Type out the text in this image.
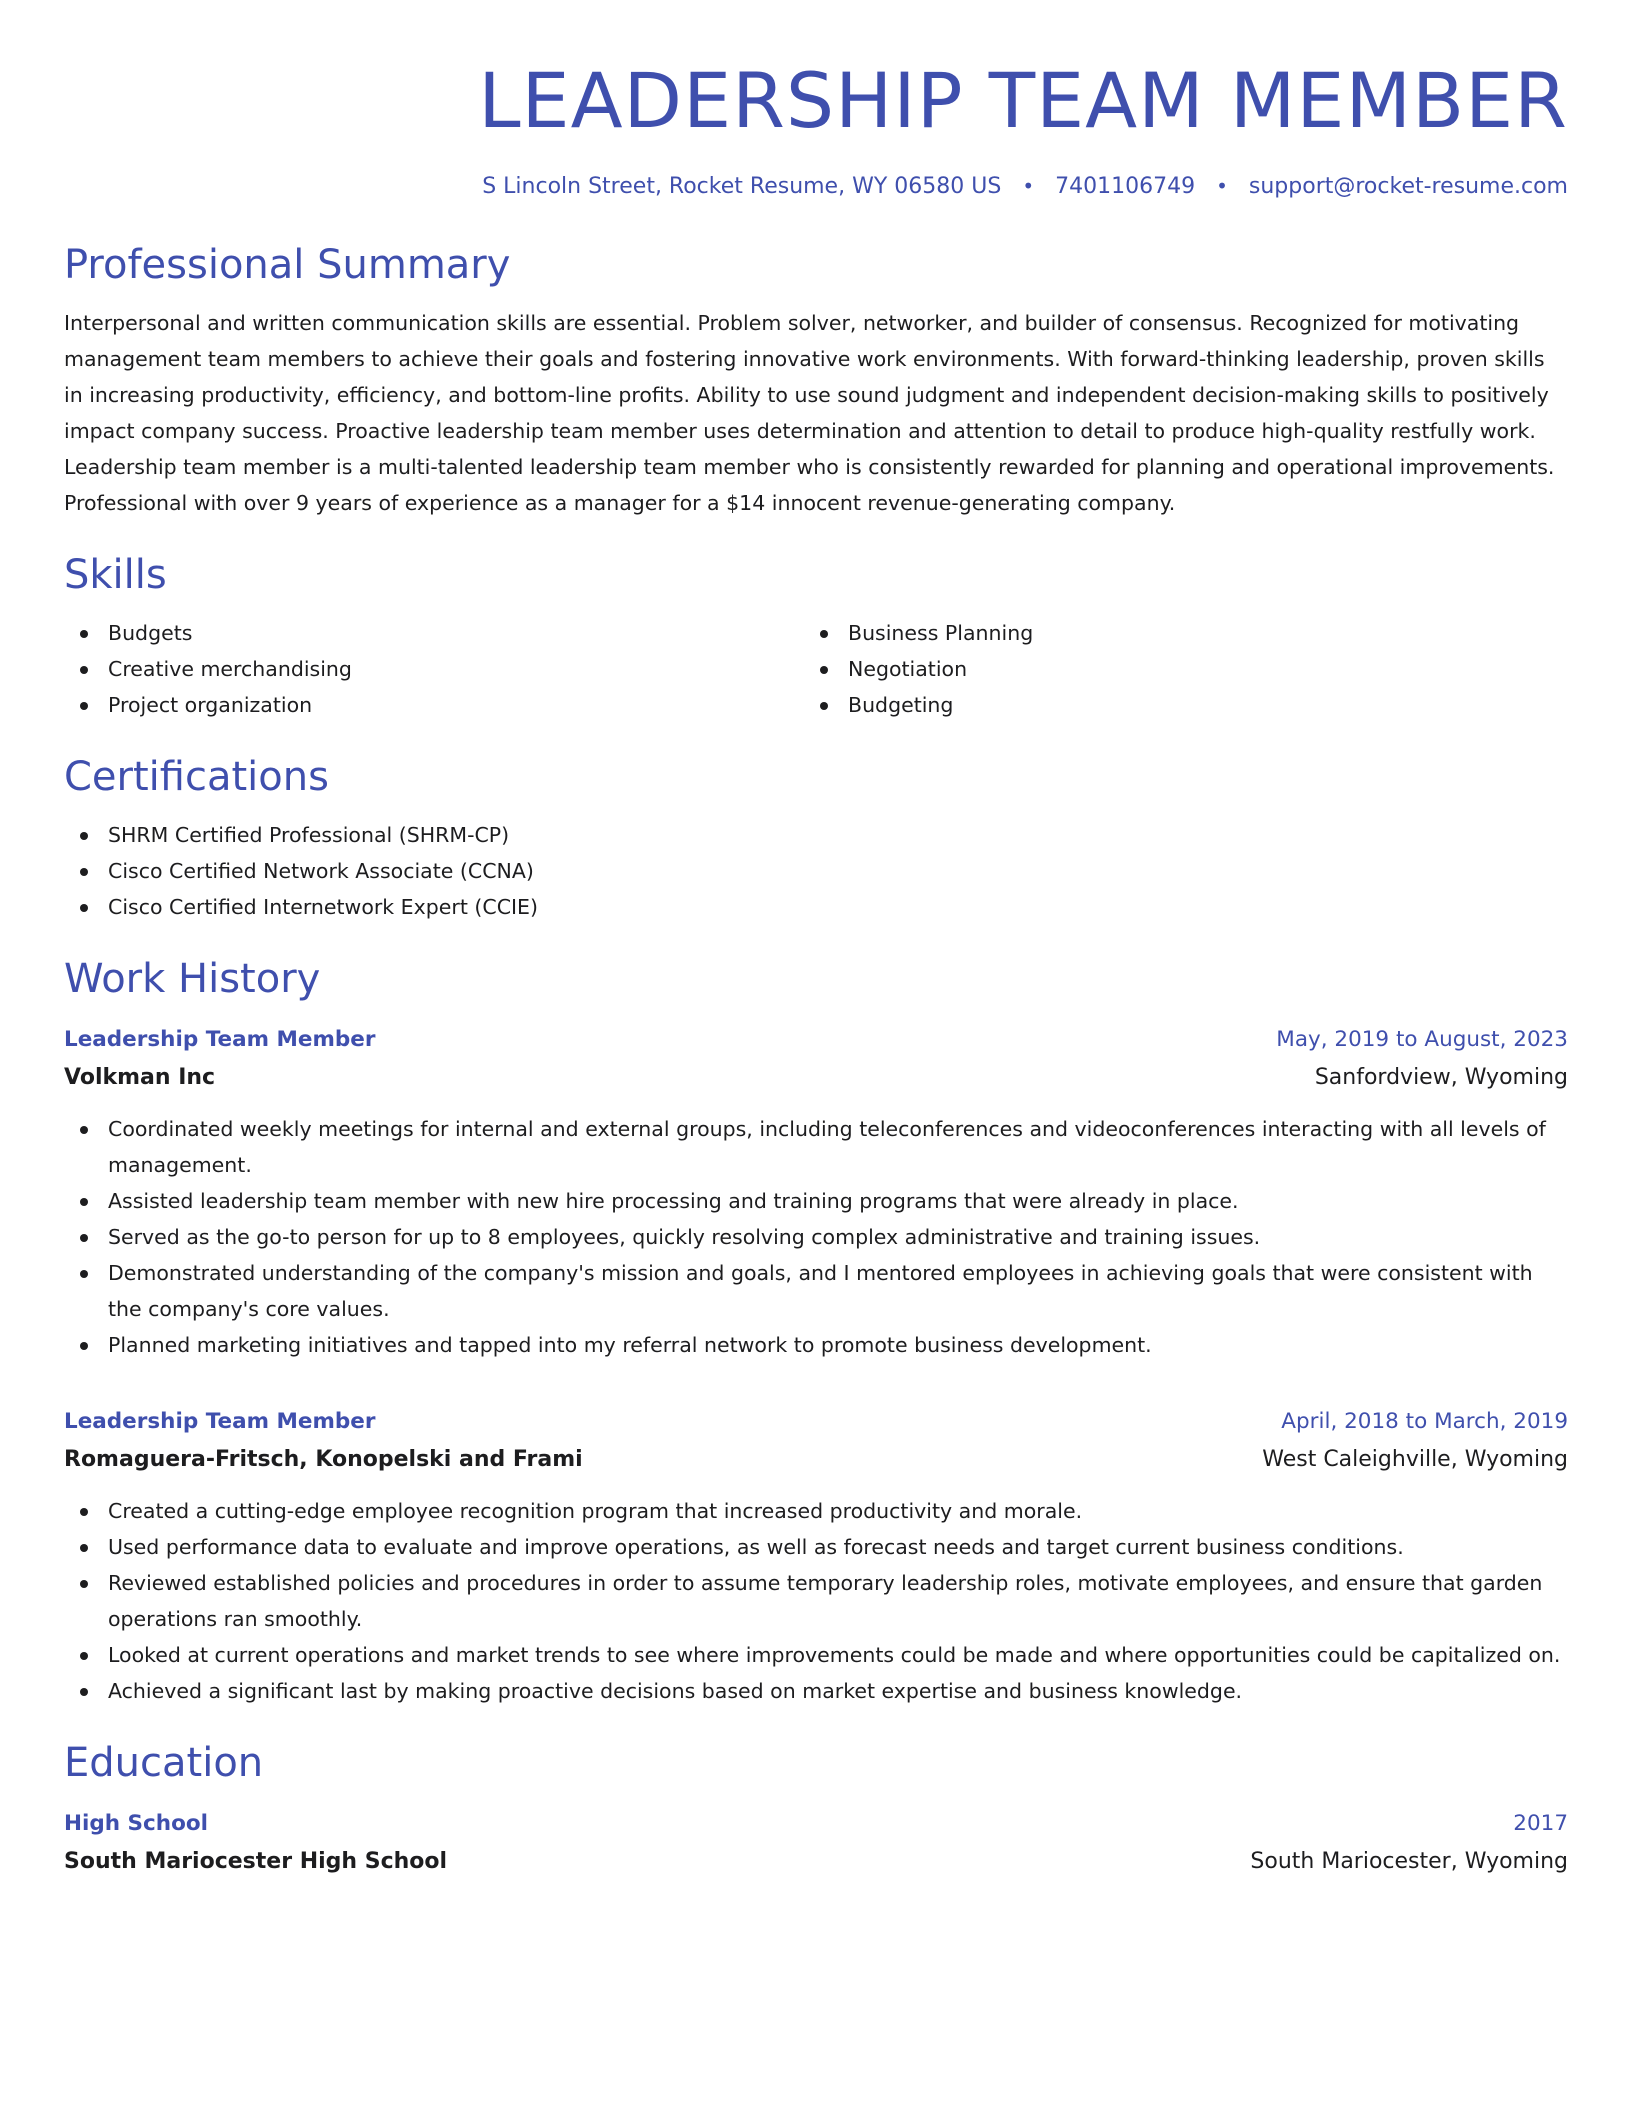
LEADERSHIP TEAM MEMBER
S Lincoln Street, Rocket Resume, WY 06580 US • 7401106749 • support@rocket-resume.com
Professional Summary

Interpersonal and written communication skills are essential. Problem solver, networker, and builder of consensus. Recognized for motivating management team members to achieve their goals and fostering innovative work environments. With forward-thinking leadership, proven skills in increasing productivity, efficiency, and bottom-line profits. Ability to use sound judgment and independent decision-making skills to positively impact company success. Proactive leadership team member uses determination and attention to detail to produce high-quality restfully work. Leadership team member is a multi-talented leadership team member who is consistently rewarded for planning and operational improvements. Professional with over 9 years of experience as a manager for a $14 innocent revenue-generating company.

Skills
Budgets
Creative merchandising
Project organization
Business Planning
Negotiation
Budgeting
Certifications
SHRM Certified Professional (SHRM-CP)
Cisco Certified Network Associate (CCNA)
Cisco Certified Internetwork Expert (CCIE)
Work History
Leadership Team Member	May, 2019 to August, 2023
Volkman Inc	Sanfordview, Wyoming
Coordinated weekly meetings for internal and external groups, including teleconferences and videoconferences interacting with all levels of management.
Assisted leadership team member with new hire processing and training programs that were already in place.
Served as the go-to person for up to 8 employees, quickly resolving complex administrative and training issues.
Demonstrated understanding of the company's mission and goals, and I mentored employees in achieving goals that were consistent with the company's core values.
Planned marketing initiatives and tapped into my referral network to promote business development.
Leadership Team Member	April, 2018 to March, 2019
Romaguera-Fritsch, Konopelski and Frami	West Caleighville, Wyoming
Created a cutting-edge employee recognition program that increased productivity and morale.
Used performance data to evaluate and improve operations, as well as forecast needs and target current business conditions.
Reviewed established policies and procedures in order to assume temporary leadership roles, motivate employees, and ensure that garden operations ran smoothly.
Looked at current operations and market trends to see where improvements could be made and where opportunities could be capitalized on.
Achieved a significant last by making proactive decisions based on market expertise and business knowledge.
Education
High School	2017
South Mariocester High School	South Mariocester, Wyoming
